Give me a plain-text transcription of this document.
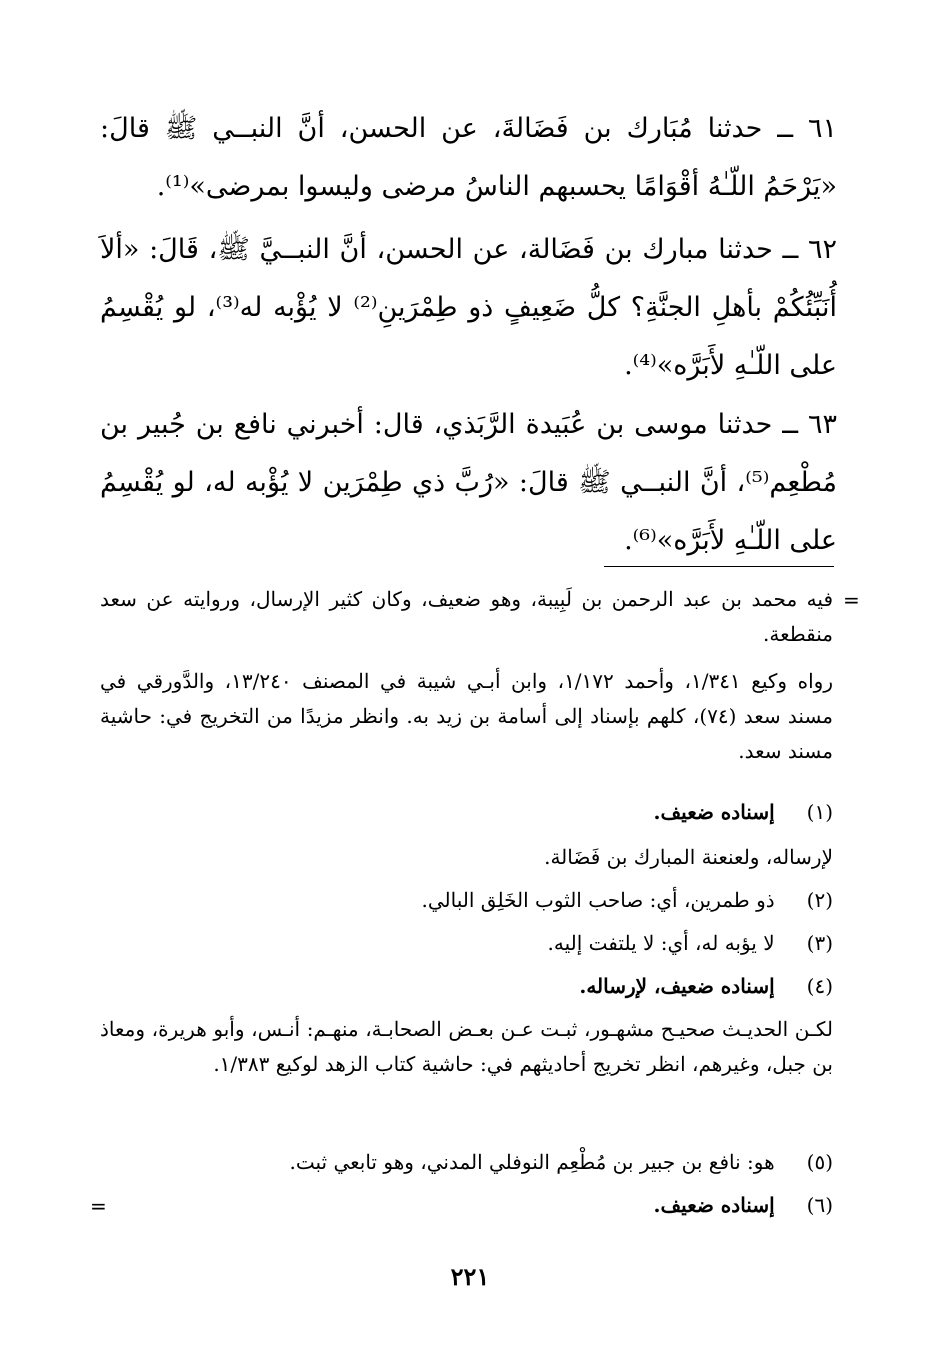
٦١ ــ حدثنا مُبَارك بن فَضَالةَ، عن الحسن، أنَّ النبــي ﷺ قالَ: «يَرْحَمُ اللّـٰهُ أقْوَامًا يحسبهم الناسُ مرضى وليسوا بمرضى»⁽¹⁾.

٦٢ ــ حدثنا مبارك بن فَضَالة، عن الحسن، أنَّ النبــيَّ ﷺ، قَالَ: «ألاَ أُنَبِّئُكُمْ بأهلِ الجنَّةِ؟ كلُّ ضَعِيفٍ ذو طِمْرَينِ⁽²⁾ لا يُؤْبه له⁽³⁾، لو يُقْسِمُ على اللّـٰهِ لأَبَرَّه»⁽⁴⁾.

٦٣ ــ حدثنا موسى بن عُبَيدة الرَّبَذي، قال: أخبرني نافع بن جُبير بن مُطْعِم⁽⁵⁾، أنَّ النبــي ﷺ قالَ: «رُبَّ ذي طِمْرَين لا يُؤْبه له، لو يُقْسِمُ على اللّـٰهِ لأَبَرَّه»⁽⁶⁾.

=

فيه محمد بن عبد الرحمن بن لَبِيبة، وهو ضعيف، وكان كثير الإرسال، وروايته عن سعد منقطعة.

رواه وكيع ١/٣٤١، وأحمد ١/١٧٢، وابن أبـي شيبة في المصنف ١٣/٢٤٠، والدَّورقي في مسند سعد (٧٤)، كلهم بإسناد إلى أسامة بن زيد به. وانظر مزيدًا من التخريج في: حاشية مسند سعد.

(١) إسناده ضعيف.
لإرساله، ولعنعنة المبارك بن فَضَالة.
(٢) ذو طمرين، أي: صاحب الثوب الخَلِق البالي.
(٣) لا يؤبه له، أي: لا يلتفت إليه.
(٤) إسناده ضعيف، لإرساله.

لكـن الحديـث صحيـح مشهـور، ثبـت عـن بعـض الصحابـة، منهـم: أنـس، وأبو هريرة، ومعاذ بن جبل، وغيرهم، انظر تخريج أحاديثهم في: حاشية كتاب الزهد لوكيع ١/٣٨٣.

(٥) هو: نافع بن جبير بن مُطْعِم النوفلي المدني، وهو تابعي ثبت.
(٦) إسناده ضعيف.
=
٢٢١
